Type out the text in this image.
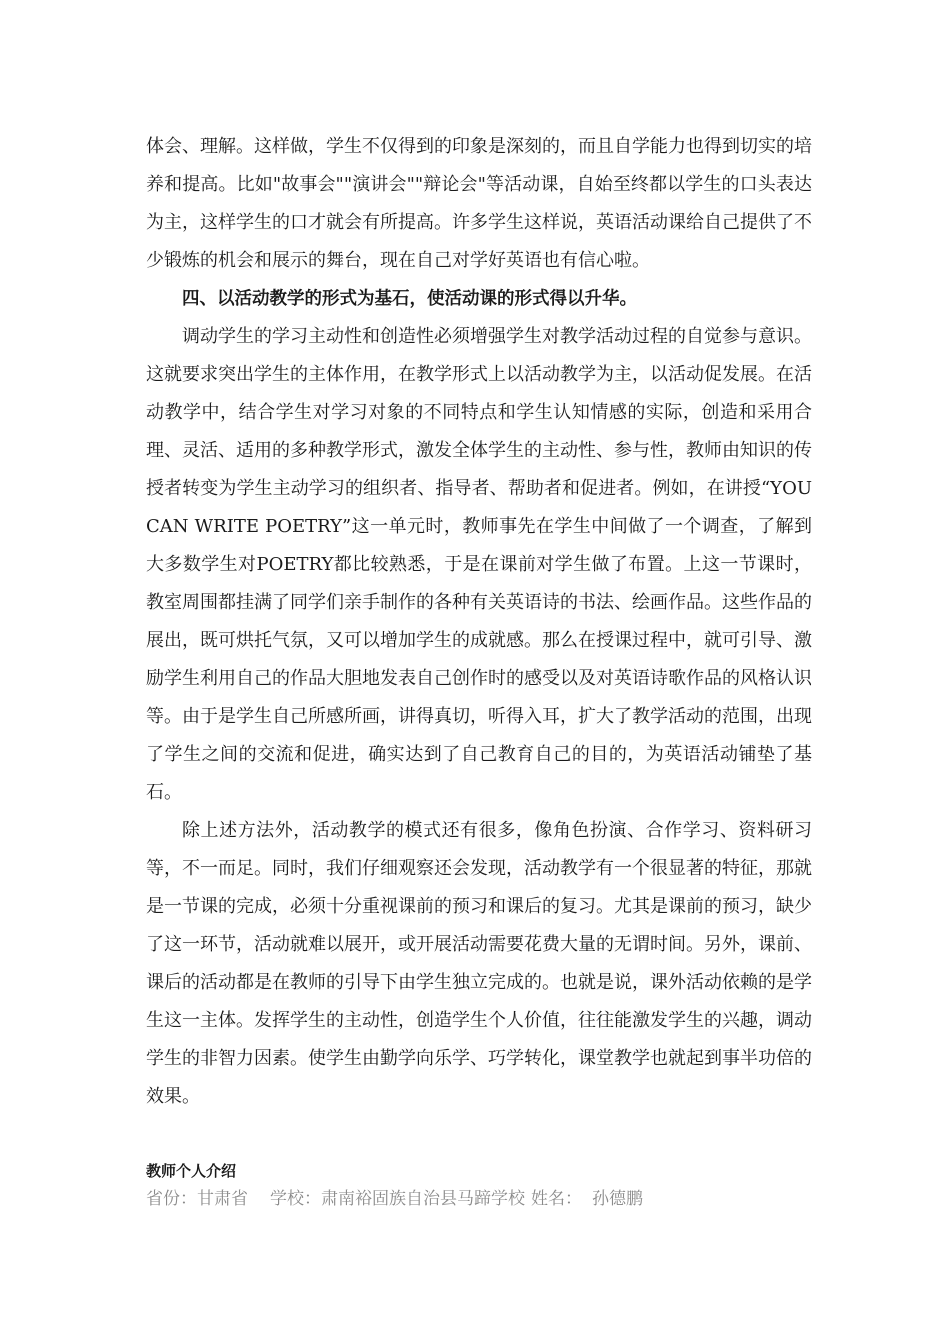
体会、理解。这样做，学生不仅得到的印象是深刻的，而且自学能力也得到切实的培养和提高。比如"故事会""演讲会""辩论会"等活动课，自始至终都以学生的口头表达为主，这样学生的口才就会有所提高。许多学生这样说，英语活动课给自己提供了不少锻炼的机会和展示的舞台，现在自己对学好英语也有信心啦。

四、以活动教学的形式为基石，使活动课的形式得以升华。

调动学生的学习主动性和创造性必须增强学生对教学活动过程的自觉参与意识。这就要求突出学生的主体作用，在教学形式上以活动教学为主，以活动促发展。在活动教学中，结合学生对学习对象的不同特点和学生认知情感的实际，创造和采用合理、灵活、适用的多种教学形式，激发全体学生的主动性、参与性，教师由知识的传授者转变为学生主动学习的组织者、指导者、帮助者和促进者。例如，在讲授“YOU CAN WRITE POETRY”这一单元时，教师事先在学生中间做了一个调查，了解到大多数学生对POETRY都比较熟悉，于是在课前对学生做了布置。上这一节课时，教室周围都挂满了同学们亲手制作的各种有关英语诗的书法、绘画作品。这些作品的展出，既可烘托气氛，又可以增加学生的成就感。那么在授课过程中，就可引导、激励学生利用自己的作品大胆地发表自己创作时的感受以及对英语诗歌作品的风格认识等。由于是学生自己所感所画，讲得真切，听得入耳，扩大了教学活动的范围，出现了学生之间的交流和促进，确实达到了自己教育自己的目的，为英语活动铺垫了基石。

除上述方法外，活动教学的模式还有很多，像角色扮演、合作学习、资料研习等，不一而足。同时，我们仔细观察还会发现，活动教学有一个很显著的特征，那就是一节课的完成，必须十分重视课前的预习和课后的复习。尤其是课前的预习，缺少了这一环节，活动就难以展开，或开展活动需要花费大量的无谓时间。另外，课前、课后的活动都是在教师的引导下由学生独立完成的。也就是说，课外活动依赖的是学生这一主体。发挥学生的主动性，创造学生个人价值，往往能激发学生的兴趣，调动学生的非智力因素。使学生由勤学向乐学、巧学转化，课堂教学也就起到事半功倍的效果。

教师个人介绍
省份：甘肃省 学校：肃南裕固族自治县马蹄学校 姓名： 孙德鹏
